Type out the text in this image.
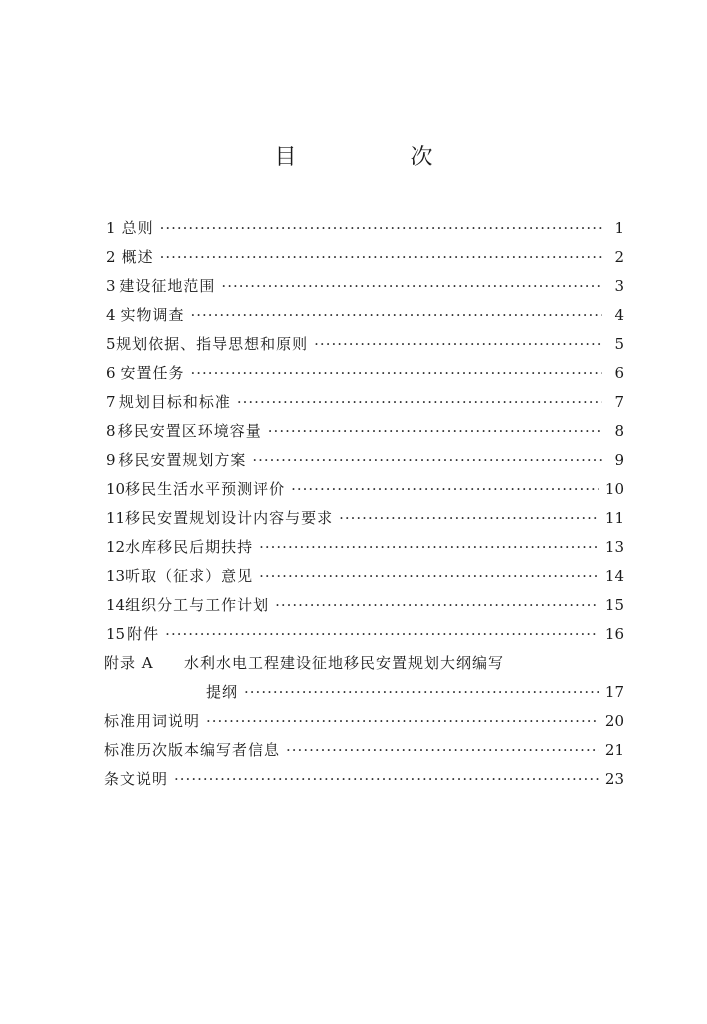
目　次
1 总则 ·····	1
2 概述 ·····	2
3 建设征地范围 ·····	3
4 实物调查 ·····	4
5 规划依据、指导思想和原则 ·····	5
6 安置任务 ·····	6
7 规划目标和标准 ·····	7
8 移民安置区环境容量 ·····	8
9 移民安置规划方案 ·····	9
10 移民生活水平预测评价 ·····	10
11 移民安置规划设计内容与要求 ·····	11
12 水库移民后期扶持 ·····	13
13 听取（征求）意见 ·····	14
14 组织分工与工作计划 ·····	15
15 附件 ·····	16
附录 A	水利水电工程建设征地移民安置规划大纲编写
提纲 ·····	17
标准用词说明 ·····	20
标准历次版本编写者信息 ·····	21
条文说明 ·····	23
